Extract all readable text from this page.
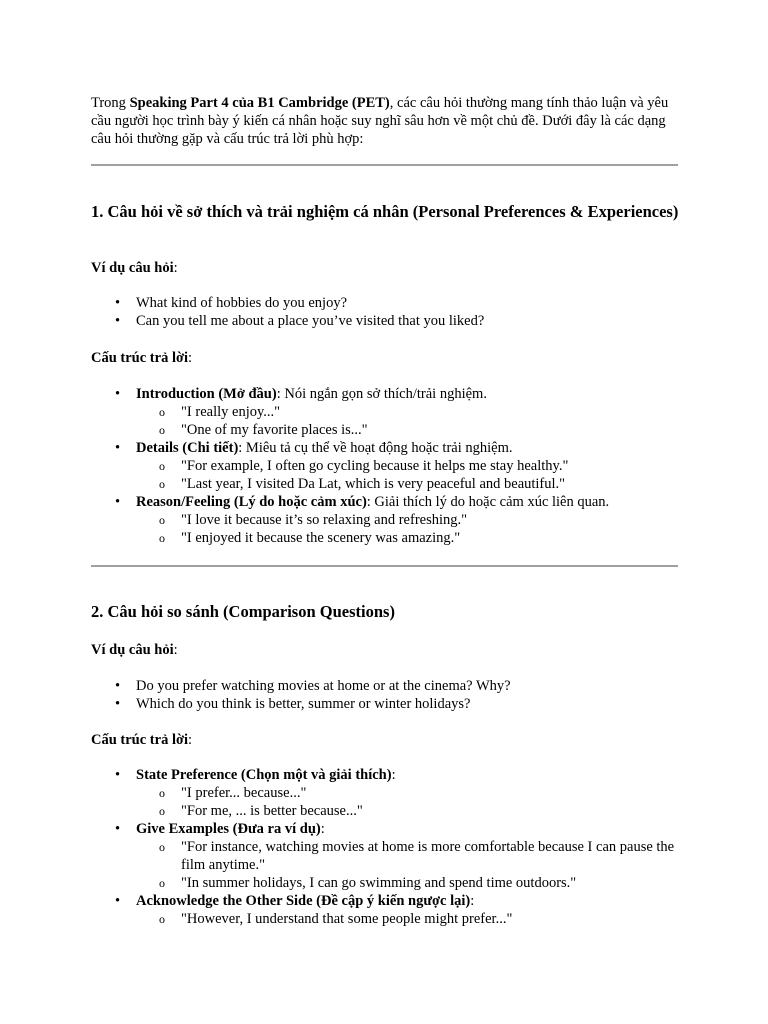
Trong Speaking Part 4 của B1 Cambridge (PET), các câu hỏi thường mang tính thảo luận và yêu cầu người học trình bày ý kiến cá nhân hoặc suy nghĩ sâu hơn về một chủ đề. Dưới đây là các dạng câu hỏi thường gặp và cấu trúc trả lời phù hợp:

1. Câu hỏi về sở thích và trải nghiệm cá nhân (Personal Preferences & Experiences)

Ví dụ câu hỏi:

• What kind of hobbies do you enjoy?
• Can you tell me about a place you’ve visited that you liked?

Cấu trúc trả lời:

• Introduction (Mở đầu): Nói ngắn gọn sở thích/trải nghiệm.
o "I really enjoy..."
o "One of my favorite places is..."
• Details (Chi tiết): Miêu tả cụ thể về hoạt động hoặc trải nghiệm.
o "For example, I often go cycling because it helps me stay healthy."
o "Last year, I visited Da Lat, which is very peaceful and beautiful."
• Reason/Feeling (Lý do hoặc cảm xúc): Giải thích lý do hoặc cảm xúc liên quan.
o "I love it because it’s so relaxing and refreshing."
o "I enjoyed it because the scenery was amazing."
2. Câu hỏi so sánh (Comparison Questions)

Ví dụ câu hỏi:

• Do you prefer watching movies at home or at the cinema? Why?
• Which do you think is better, summer or winter holidays?

Cấu trúc trả lời:

• State Preference (Chọn một và giải thích):
o "I prefer... because..."
o "For me, ... is better because..."
• Give Examples (Đưa ra ví dụ):
o "For instance, watching movies at home is more comfortable because I can pause the film anytime."
o "In summer holidays, I can go swimming and spend time outdoors."
• Acknowledge the Other Side (Đề cập ý kiến ngược lại):
o "However, I understand that some people might prefer..."
